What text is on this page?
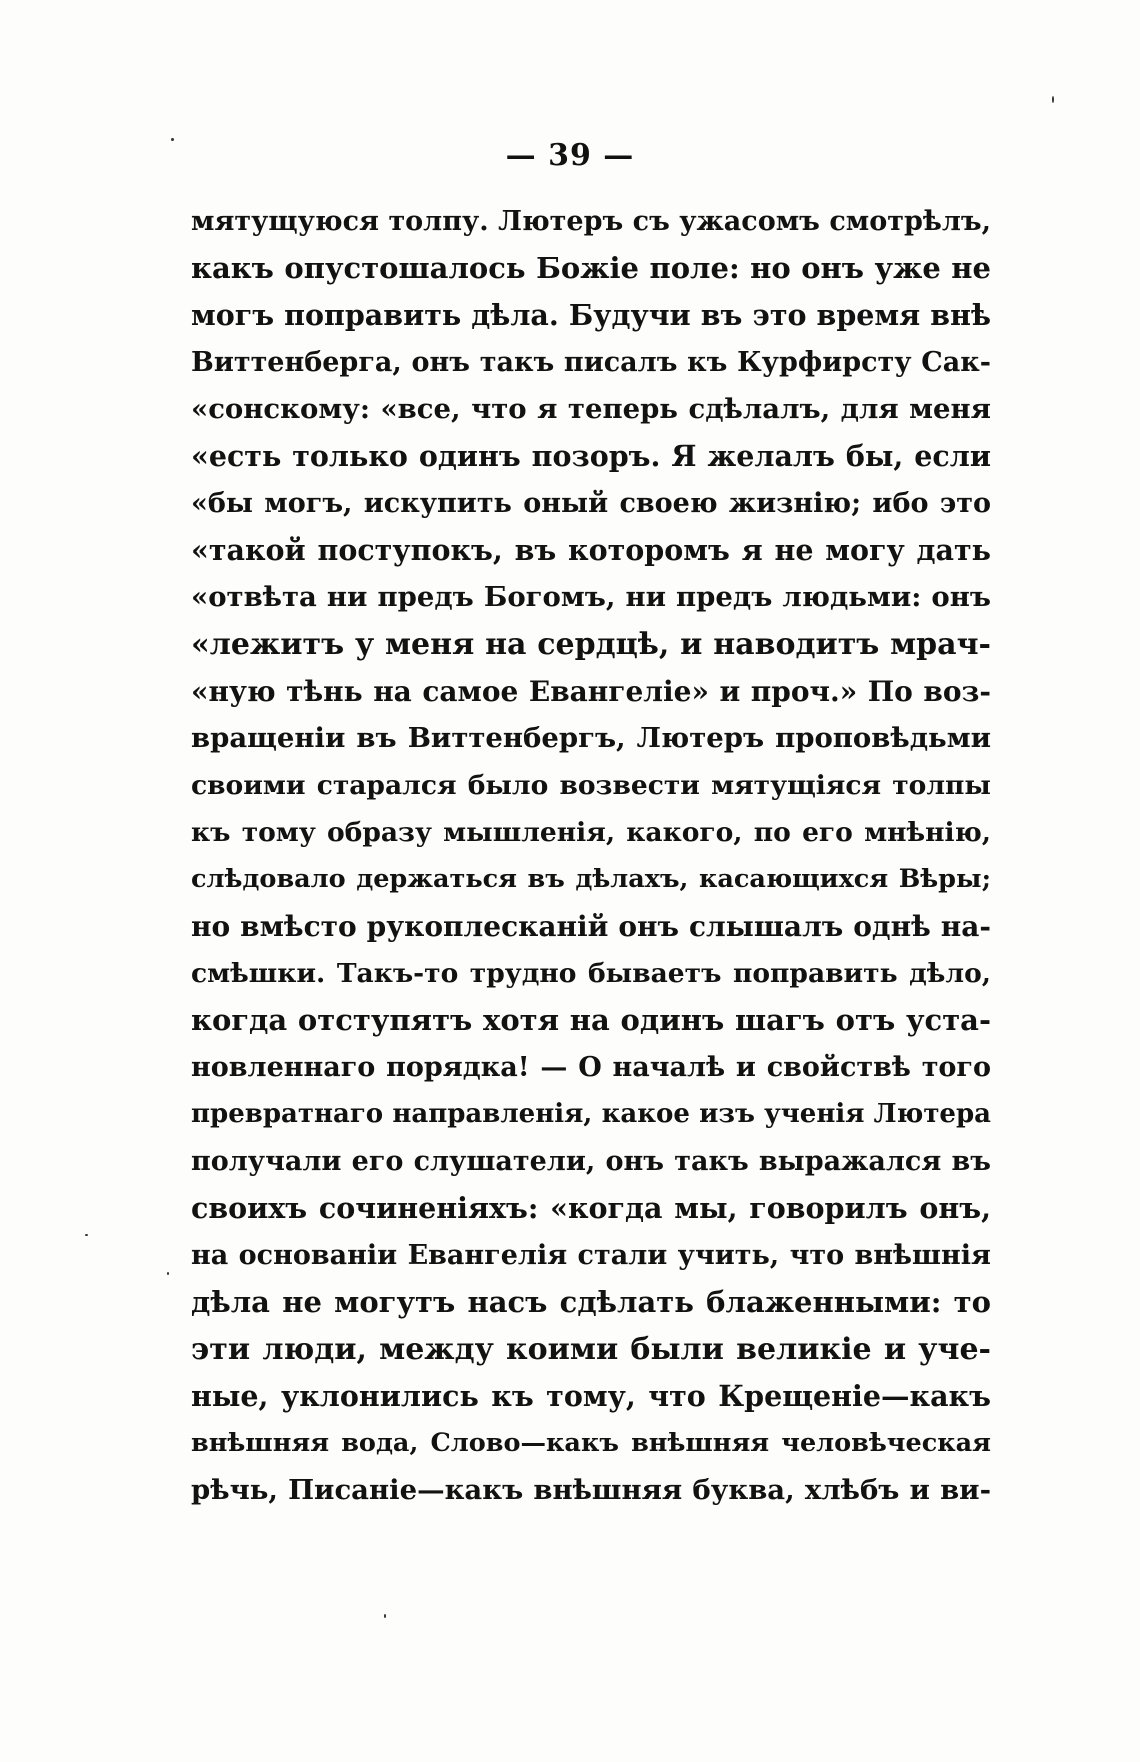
— 39 —
мятущуюся толпу. Лютеръ съ ужасомъ смотрѣлъ,
какъ опустошалось Божіе поле: но онъ уже не
могъ поправить дѣла. Будучи въ это время внѣ
Виттенберга, онъ такъ писалъ къ Курфирсту Сак-
«сонскому: «все, что я теперь сдѣлалъ, для меня
«есть только одинъ позоръ. Я желалъ бы, если
«бы могъ, искупить оный своею жизнію; ибо это
«такой поступокъ, въ которомъ я не могу дать
«отвѣта ни предъ Богомъ, ни предъ людьми: онъ
«лежитъ у меня на сердцѣ, и наводитъ мрач-
«ную тѣнь на самое Евангеліе» и проч.» По воз-
вращеніи въ Виттенбергъ, Лютеръ проповѣдьми
своими старался было возвести мятущіяся толпы
къ тому образу мышленія, какого, по его мнѣнію,
слѣдовало держаться въ дѣлахъ, касающихся Вѣры;
но вмѣсто рукоплесканій онъ слышалъ однѣ на-
смѣшки. Такъ-то трудно бываетъ поправить дѣло,
когда отступятъ хотя на одинъ шагъ отъ уста-
новленнаго порядка! — О началѣ и свойствѣ того
превратнаго направленія, какое изъ ученія Лютера
получали его слушатели, онъ такъ выражался въ
своихъ сочиненіяхъ: «когда мы, говорилъ онъ,
на основаніи Евангелія стали учить, что внѣшнія
дѣла не могутъ насъ сдѣлать блаженными: то
эти люди, между коими были великіе и уче-
ные, уклонились къ тому, что Крещеніе—какъ
внѣшняя вода, Слово—какъ внѣшняя человѣческая
рѣчь, Писаніе—какъ внѣшняя буква, хлѣбъ и ви-
